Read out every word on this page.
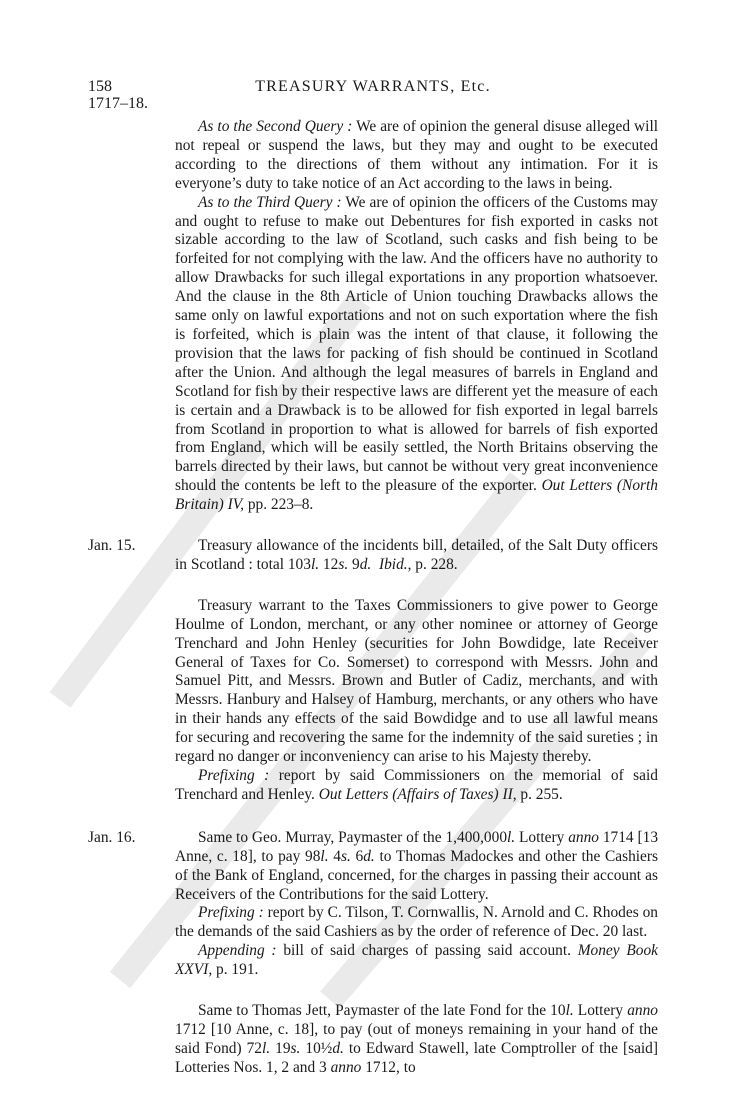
158
1717–18.
TREASURY WARRANTS, Etc.

As to the Second Query : We are of opinion the general disuse alleged will not repeal or suspend the laws, but they may and ought to be executed according to the directions of them without any intimation. For it is everyone’s duty to take notice of an Act according to the laws in being.

As to the Third Query : We are of opinion the officers of the Customs may and ought to refuse to make out Debentures for fish exported in casks not sizable according to the law of Scotland, such casks and fish being to be forfeited for not complying with the law. And the officers have no authority to allow Drawbacks for such illegal exportations in any proportion whatsoever. And the clause in the 8th Article of Union touching Drawbacks allows the same only on lawful exportations and not on such exportation where the fish is forfeited, which is plain was the intent of that clause, it following the provision that the laws for packing of fish should be continued in Scotland after the Union. And although the legal measures of barrels in England and Scotland for fish by their respective laws are different yet the measure of each is certain and a Drawback is to be allowed for fish exported in legal barrels from Scotland in proportion to what is allowed for barrels of fish exported from England, which will be easily settled, the North Britains observing the barrels directed by their laws, but cannot be without very great inconvenience should the contents be left to the pleasure of the exporter. Out Letters (North Britain) IV, pp. 223–8.

Jan. 15.	Treasury allowance of the incidents bill, detailed, of the Salt Duty officers in Scotland : total 103l. 12s. 9d. Ibid., p. 228.

Treasury warrant to the Taxes Commissioners to give power to George Houlme of London, merchant, or any other nominee or attorney of George Trenchard and John Henley (securities for John Bowdidge, late Receiver General of Taxes for Co. Somerset) to correspond with Messrs. John and Samuel Pitt, and Messrs. Brown and Butler of Cadiz, merchants, and with Messrs. Hanbury and Halsey of Hamburg, merchants, or any others who have in their hands any effects of the said Bowdidge and to use all lawful means for securing and recovering the same for the indemnity of the said sureties ; in regard no danger or inconveniency can arise to his Majesty thereby.

Prefixing : report by said Commissioners on the memorial of said Trenchard and Henley. Out Letters (Affairs of Taxes) II, p. 255.

Jan. 16.	Same to Geo. Murray, Paymaster of the 1,400,000l. Lottery anno 1714 [13 Anne, c. 18], to pay 98l. 4s. 6d. to Thomas Madockes and other the Cashiers of the Bank of England, concerned, for the charges in passing their account as Receivers of the Contributions for the said Lottery.

Prefixing : report by C. Tilson, T. Cornwallis, N. Arnold and C. Rhodes on the demands of the said Cashiers as by the order of reference of Dec. 20 last.

Appending : bill of said charges of passing said account. Money Book XXVI, p. 191.

Same to Thomas Jett, Paymaster of the late Fond for the 10l. Lottery anno 1712 [10 Anne, c. 18], to pay (out of moneys remaining in your hand of the said Fond) 72l. 19s. 10½d. to Edward Stawell, late Comptroller of the [said] Lotteries Nos. 1, 2 and 3 anno 1712, to
